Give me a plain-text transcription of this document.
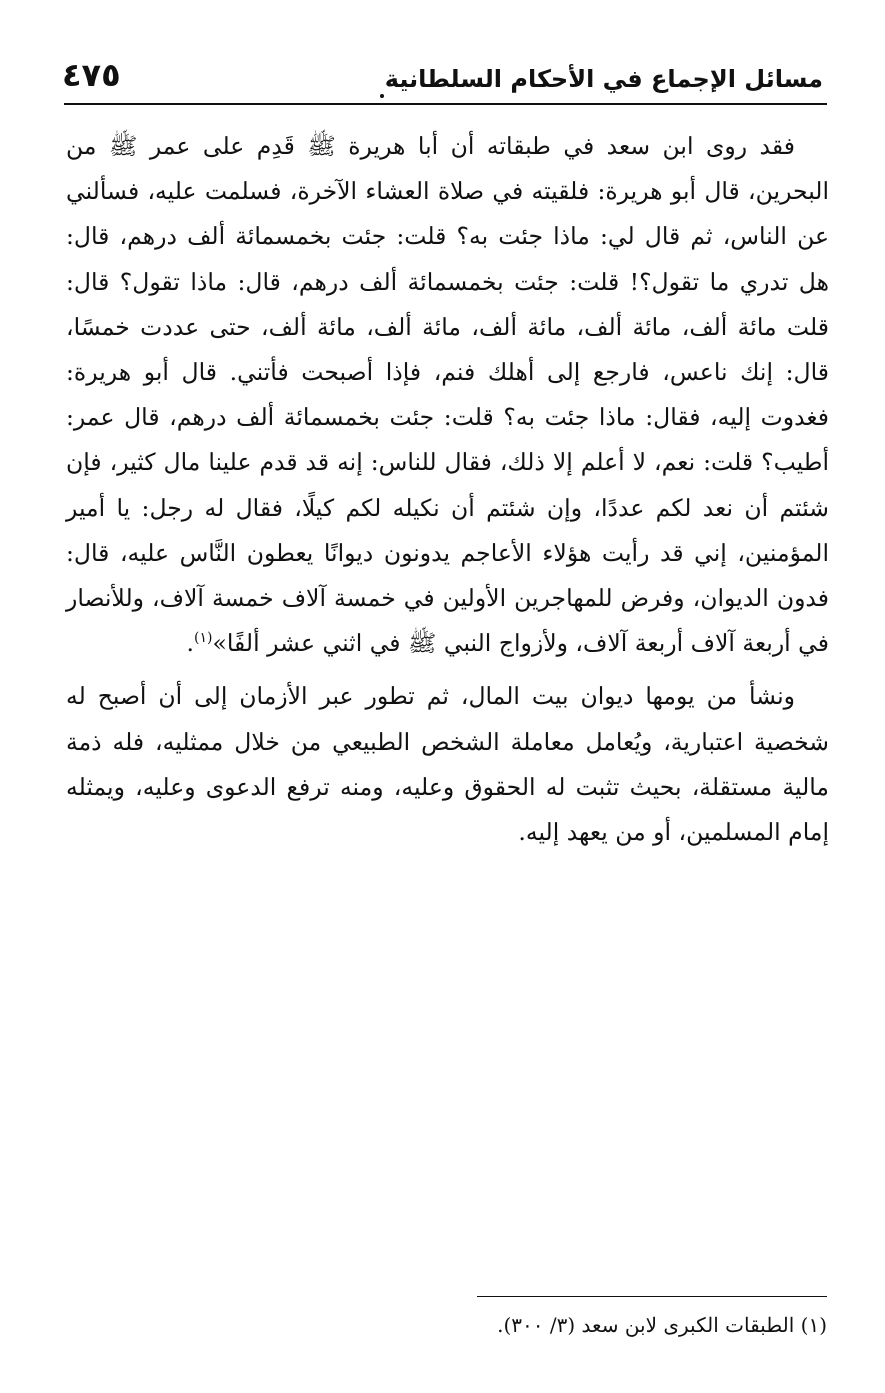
مسائل الإجماع في الأحكام السلطانية
٤٧٥

فقد روى ابن سعد في طبقاته أن أبا هريرة ﷺ قَدِم على عمر ﷺ من البحرين، قال أبو هريرة: فلقيته في صلاة العشاء الآخرة، فسلمت عليه، فسألني عن الناس، ثم قال لي: ماذا جئت به؟ قلت: جئت بخمسمائة ألف درهم، قال: هل تدري ما تقول؟! قلت: جئت بخمسمائة ألف درهم، قال: ماذا تقول؟ قال: قلت مائة ألف، مائة ألف، مائة ألف، مائة ألف، مائة ألف، حتى عددت خمسًا، قال: إنك ناعس، فارجع إلى أهلك فنم، فإذا أصبحت فأتني. قال أبو هريرة: فغدوت إليه، فقال: ماذا جئت به؟ قلت: جئت بخمسمائة ألف درهم، قال عمر: أطيب؟ قلت: نعم، لا أعلم إلا ذلك، فقال للناس: إنه قد قدم علينا مال كثير، فإن شئتم أن نعد لكم عددًا، وإن شئتم أن نكيله لكم كيلًا، فقال له رجل: يا أمير المؤمنين، إني قد رأيت هؤلاء الأعاجم يدونون ديوانًا يعطون النَّاس عليه، قال: فدون الديوان، وفرض للمهاجرين الأولين في خمسة آلاف خمسة آلاف، وللأنصار في أربعة آلاف أربعة آلاف، ولأزواج النبي ﷺ في اثني عشر ألفًا»$^{(١)}$.

ونشأ من يومها ديوان بيت المال، ثم تطور عبر الأزمان إلى أن أصبح له شخصية اعتبارية، ويُعامل معاملة الشخص الطبيعي من خلال ممثليه، فله ذمة مالية مستقلة، بحيث تثبت له الحقوق وعليه، ومنه ترفع الدعوى وعليه، ويمثله إمام المسلمين، أو من يعهد إليه.

(١) الطبقات الكبرى لابن سعد (٣/ ٣٠٠).
